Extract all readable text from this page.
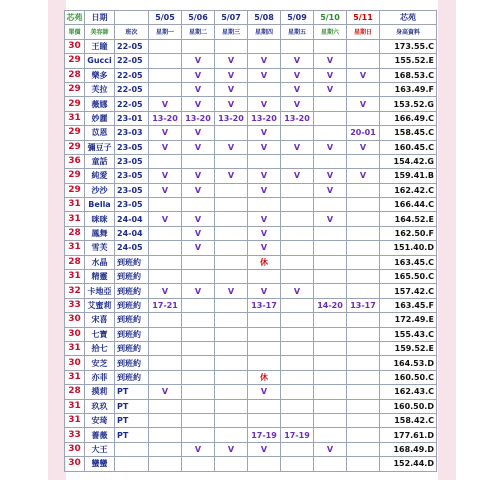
芯苑	日期		5/05	5/06	5/07	5/08	5/09	5/10	5/11	芯苑
單價	美容師	班次	星期一	星期二	星期三	星期四	星期五	星期六	星期日	身高資料
30	王瞳	22-05								173.55.C
29	Gucci	22-05		V	V	V	V	V		155.52.E
28	樂多	22-05		V	V	V	V	V	V	168.53.C
29	芙拉	22-05		V	V		V	V		163.49.F
29	薇娜	22-05	V	V	V	V	V		V	153.52.G
31	妙麗	23-01	13-20	13-20	13-20	13-20	13-20			166.49.C
29	苡恩	23-03	V	V		V			20-01	158.45.C
29	彌豆子	23-05	V	V	V	V	V	V	V	160.45.C
36	童話	23-05								154.42.G
29	純愛	23-05	V	V	V	V	V	V	V	159.41.B
29	沙沙	23-05	V	V		V		V		162.42.C
31	Bella	23-05								166.44.C
31	咪咪	24-04	V	V		V		V		164.52.E
28	鳳舞	24-04		V		V				162.50.F
31	雪芙	24-05		V		V				151.40.D
28	水晶	到班約				休				163.45.C
31	精靈	到班約								165.50.C
32	卡地亞	到班約	V	V	V	V	V			157.42.C
33	艾蜜莉	到班約	17-21			13-17		14-20	13-17	163.45.F
30	宋喜	到班約								172.49.E
30	七寶	到班約								155.43.C
31	拾七	到班約								159.52.E
30	安芝	到班約								164.53.D
31	亦菲	到班約				休				160.50.C
28	摸莉	PT	V			V				162.43.C
31	玖玖	PT								160.50.D
31	安琦	PT								158.42.C
33	薔薇	PT				17-19	17-19			177.61.D
30	大王			V	V	V		V		168.49.D
30	蠻蠻									152.44.D
